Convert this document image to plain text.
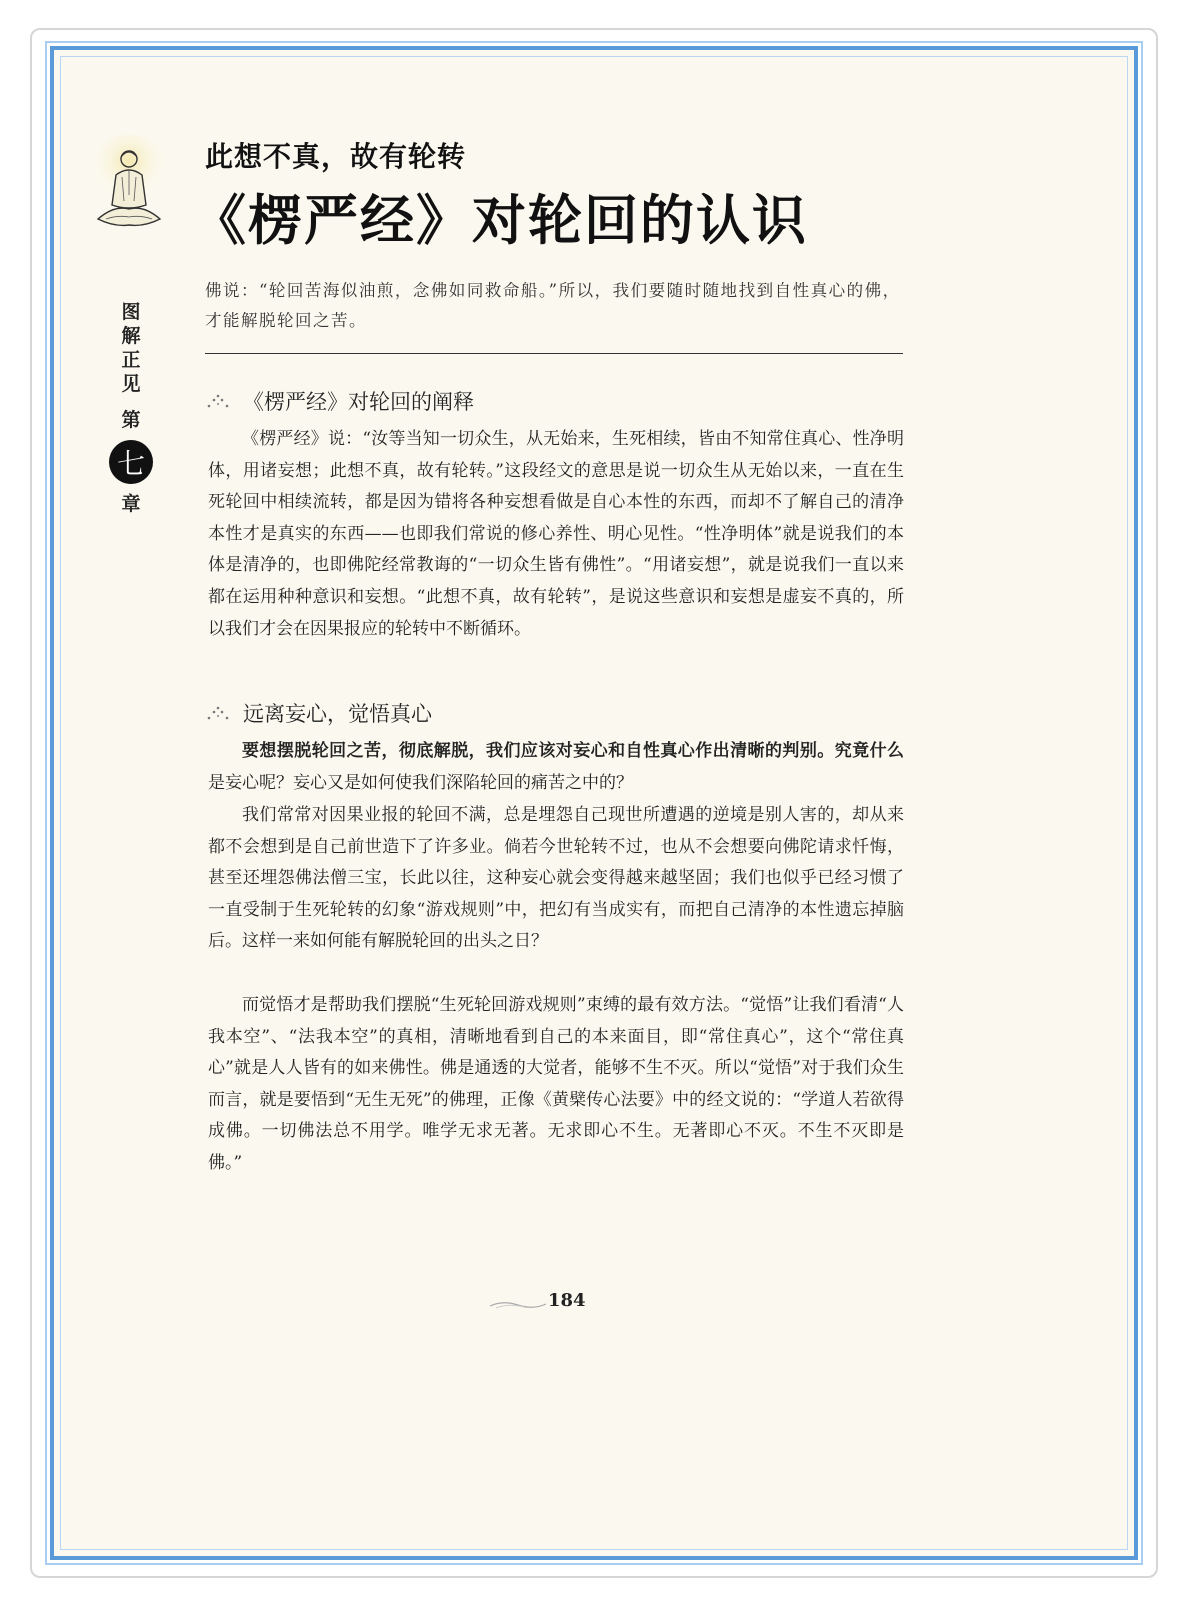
图
解
正
见
第
七
章
此想不真，故有轮转
《楞严经》对轮回的认识
佛说：“轮回苦海似油煎，念佛如同救命船。”所以，我们要随时随地找到自性真心的佛，才能解脱轮回之苦。
《楞严经》对轮回的阐释
《楞严经》说：“汝等当知一切众生，从无始来，生死相续，皆由不知常住真心、性净明体，用诸妄想；此想不真，故有轮转。”这段经文的意思是说一切众生从无始以来，一直在生死轮回中相续流转，都是因为错将各种妄想看做是自心本性的东西，而却不了解自己的清净本性才是真实的东西——也即我们常说的修心养性、明心见性。“性净明体”就是说我们的本体是清净的，也即佛陀经常教诲的“一切众生皆有佛性”。“用诸妄想”，就是说我们一直以来都在运用种种意识和妄想。“此想不真，故有轮转”，是说这些意识和妄想是虚妄不真的，所以我们才会在因果报应的轮转中不断循环。
远离妄心，觉悟真心
要想摆脱轮回之苦，彻底解脱，我们应该对妄心和自性真心作出清晰的判别。究竟什么是妄心呢？妄心又是如何使我们深陷轮回的痛苦之中的？
我们常常对因果业报的轮回不满，总是埋怨自己现世所遭遇的逆境是别人害的，却从来都不会想到是自己前世造下了许多业。倘若今世轮转不过，也从不会想要向佛陀请求忏悔，甚至还埋怨佛法僧三宝，长此以往，这种妄心就会变得越来越坚固；我们也似乎已经习惯了一直受制于生死轮转的幻象“游戏规则”中，把幻有当成实有，而把自己清净的本性遗忘掉脑后。这样一来如何能有解脱轮回的出头之日？
而觉悟才是帮助我们摆脱“生死轮回游戏规则”束缚的最有效方法。“觉悟”让我们看清“人我本空”、“法我本空”的真相，清晰地看到自己的本来面目，即“常住真心”，这个“常住真心”就是人人皆有的如来佛性。佛是通透的大觉者，能够不生不灭。所以“觉悟”对于我们众生而言，就是要悟到“无生无死”的佛理，正像《黄檗传心法要》中的经文说的：“学道人若欲得成佛。一切佛法总不用学。唯学无求无著。无求即心不生。无著即心不灭。不生不灭即是佛。”
184
